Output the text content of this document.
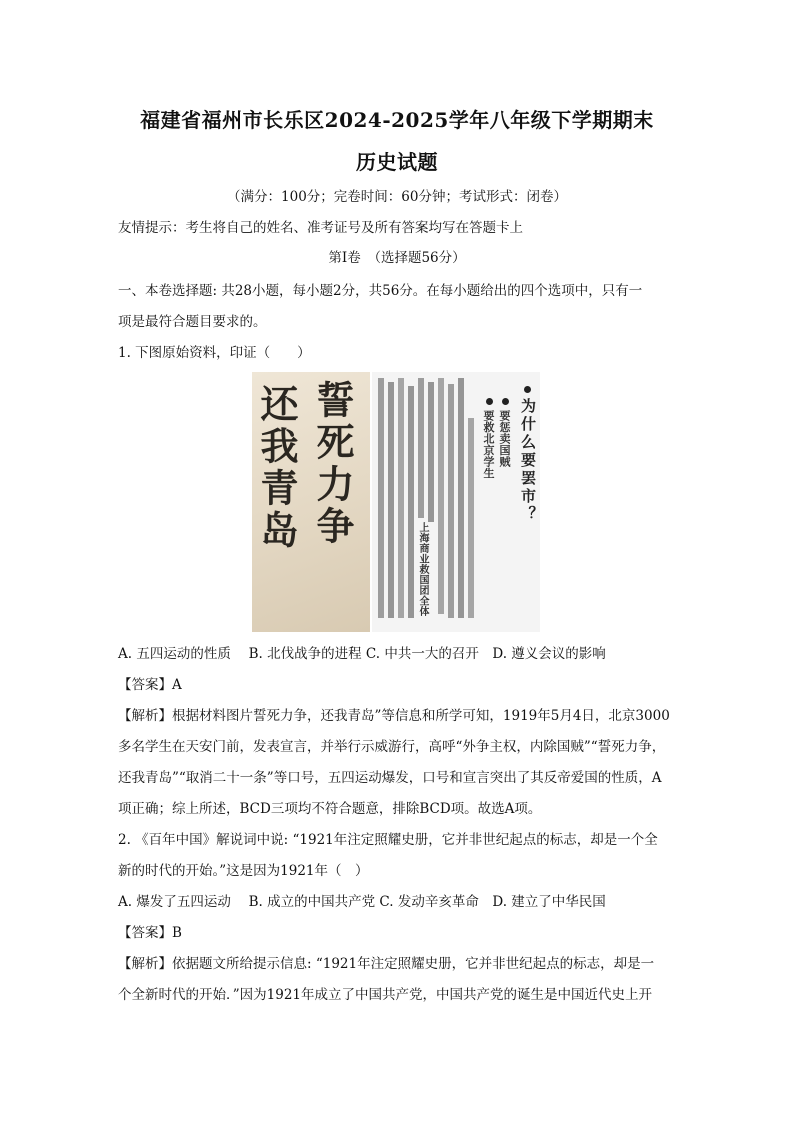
福建省福州市长乐区2024-2025学年八年级下学期期末
历史试题
（满分：100分；完卷时间：60分钟；考试形式：闭卷）
友情提示：考生将自己的姓名、准考证号及所有答案均写在答题卡上
第Ⅰ卷　（选择题56分）
一、本卷选择题: 共28小题，每小题2分，共56分。在每小题给出的四个选项中，只有一
项是最符合题目要求的。
1. 下图原始资料，印证（　　）
誓死力争
还我青岛	为什么要罢市？
要惩卖国贼
要救北京学生
上海商业救国团全体
A. 五四运动的性质　 B. 北伐战争的进程 C. 中共一大的召开　D. 遵义会议的影响
【答案】A
【解析】根据材料图片誓死力争，还我青岛”等信息和所学可知，1919年5月4日，北京3000
多名学生在天安门前，发表宣言，并举行示威游行，高呼“外争主权，内除国贼”“誓死力争，
还我青岛”“取消二十一条”等口号，五四运动爆发，口号和宣言突出了其反帝爱国的性质，A
项正确；综上所述，BCD三项均不符合题意，排除BCD项。故选A项。
2. 《百年中国》解说词中说: “1921年注定照耀史册，它并非世纪起点的标志，却是一个全
新的时代的开始。”这是因为1921年（　）
A. 爆发了五四运动　 B. 成立的中国共产党 C. 发动辛亥革命　D. 建立了中华民国
【答案】B
【解析】依据题文所给提示信息: “1921年注定照耀史册，它并非世纪起点的标志，却是一
个全新时代的开始．”因为1921年成立了中国共产党，中国共产党的诞生是中国近代史上开
